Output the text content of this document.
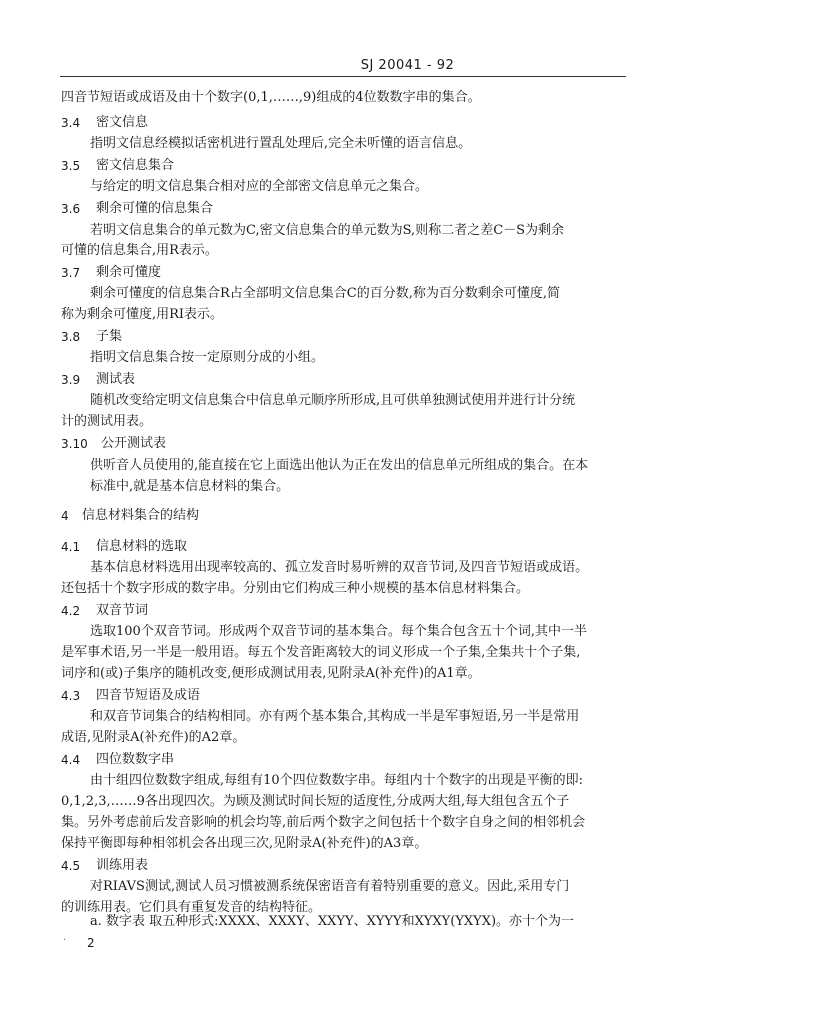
SJ 20041 - 92
四音节短语或成语及由十个数字(0,1,……,9)组成的4位数数字串的集合。
3.4 密文信息
指明文信息经模拟话密机进行置乱处理后,完全未听懂的语言信息。
3.5 密文信息集合
与给定的明文信息集合相对应的全部密文信息单元之集合。
3.6 剩余可懂的信息集合
若明文信息集合的单元数为C,密文信息集合的单元数为S,则称二者之差C－S为剩余
可懂的信息集合,用R表示。
3.7 剩余可懂度
剩余可懂度的信息集合R占全部明文信息集合C的百分数,称为百分数剩余可懂度,简
称为剩余可懂度,用RI表示。
3.8 子集
指明文信息集合按一定原则分成的小组。
3.9 测试表
随机改变给定明文信息集合中信息单元顺序所形成,且可供单独测试使用并进行计分统
计的测试用表。
3.10 公开测试表
供听音人员使用的,能直接在它上面选出他认为正在发出的信息单元所组成的集合。在本
标准中,就是基本信息材料的集合。
4 信息材料集合的结构
4.1 信息材料的选取
基本信息材料选用出现率较高的、孤立发音时易听辨的双音节词,及四音节短语或成语。
还包括十个数字形成的数字串。分别由它们构成三种小规模的基本信息材料集合。
4.2 双音节词
选取100个双音节词。形成两个双音节词的基本集合。每个集合包含五十个词,其中一半
是军事术语,另一半是一般用语。每五个发音距离较大的词义形成一个子集,全集共十个子集,
词序和(或)子集序的随机改变,便形成测试用表,见附录A(补充件)的A1章。
4.3 四音节短语及成语
和双音节词集合的结构相同。亦有两个基本集合,其构成一半是军事短语,另一半是常用
成语,见附录A(补充件)的A2章。
4.4 四位数数字串
由十组四位数数字组成,每组有10个四位数数字串。每组内十个数字的出现是平衡的即:
0,1,2,3,……9各出现四次。为顾及测试时间长短的适度性,分成两大组,每大组包含五个子
集。另外考虑前后发音影响的机会均等,前后两个数字之间包括十个数字自身之间的相邻机会
保持平衡即每种相邻机会各出现三次,见附录A(补充件)的A3章。
4.5 训练用表
对RIAVS测试,测试人员习惯被测系统保密语音有着特别重要的意义。因此,采用专门
的训练用表。它们具有重复发音的结构特征。
a. 数字表 取五种形式:XXXX、XXXY、XXYY、XYYY和XYXY(YXYX)。亦十个为一
· 2
